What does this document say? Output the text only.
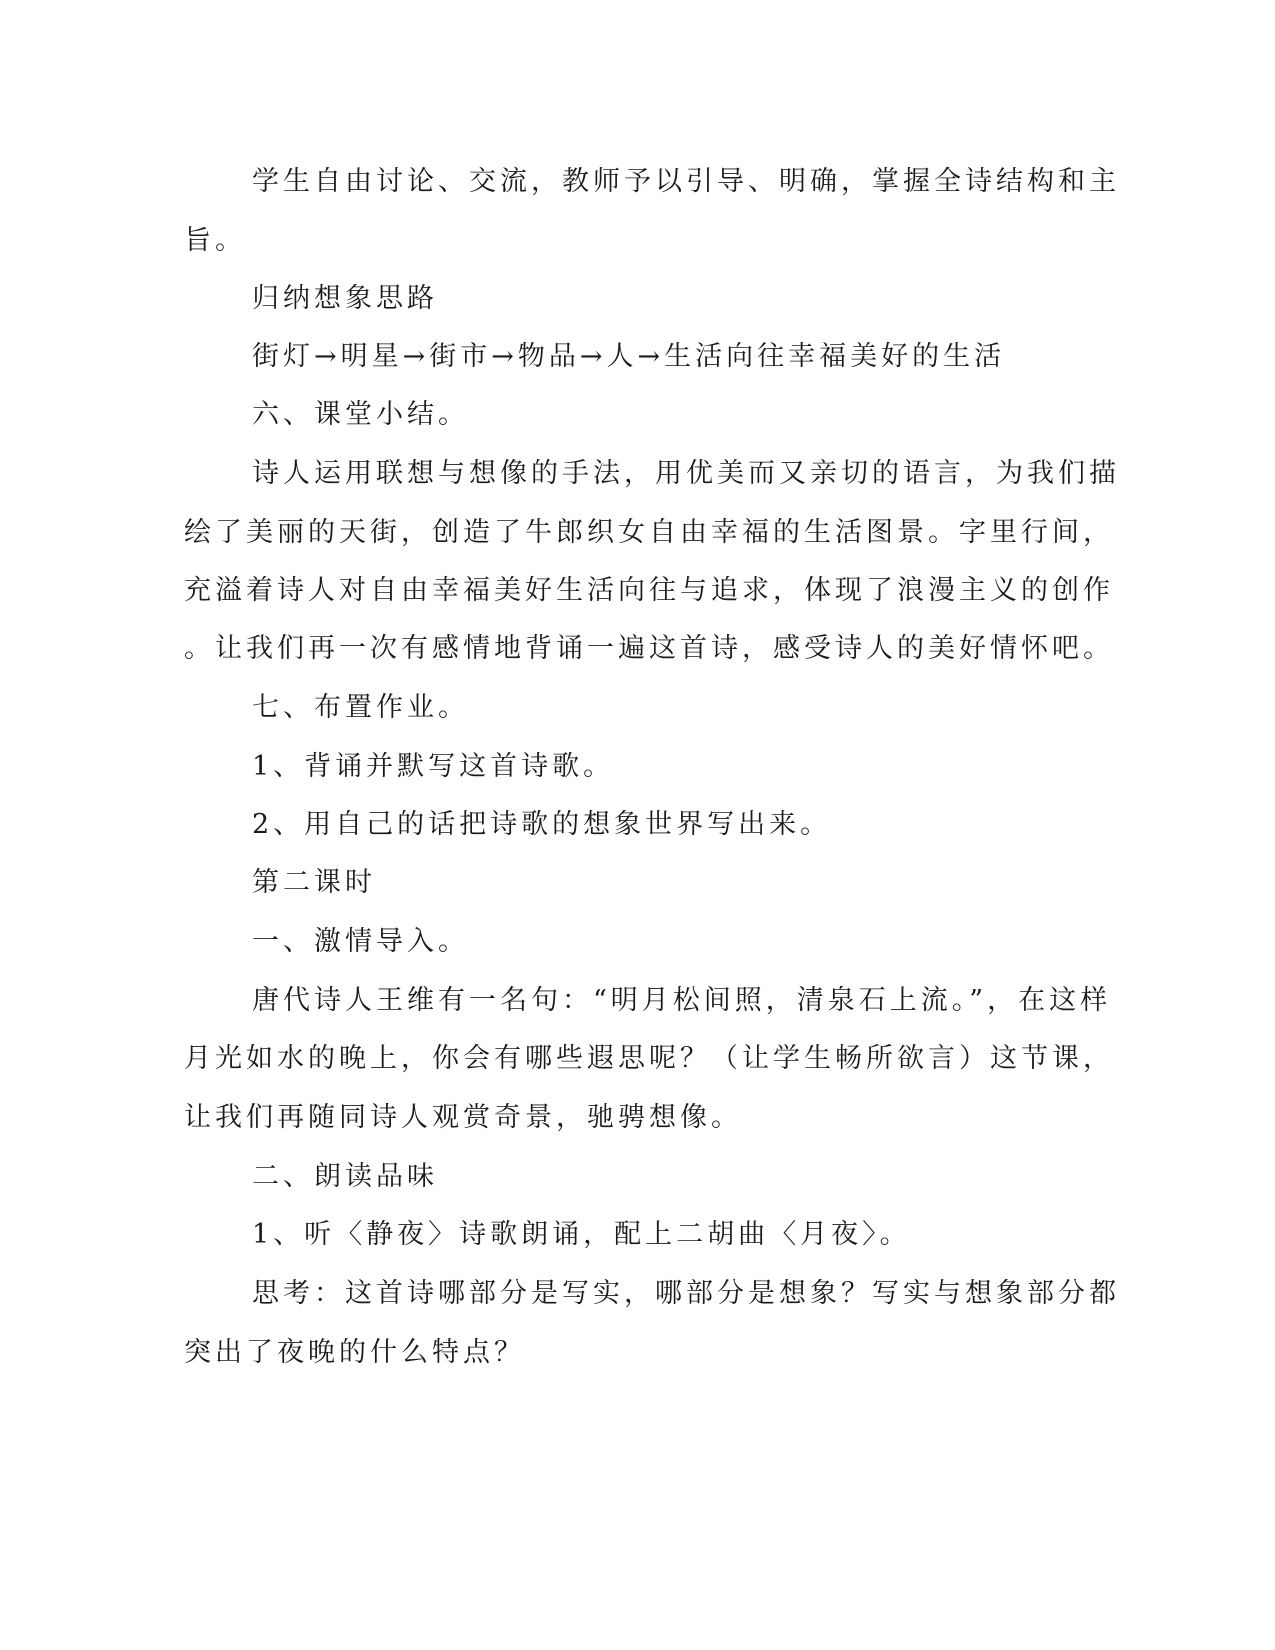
学生自由讨论、交流，教师予以引导、明确，掌握全诗结构和主
旨。
归纳想象思路
街灯→明星→街市→物品→人→生活向往幸福美好的生活
六、课堂小结。
诗人运用联想与想像的手法，用优美而又亲切的语言，为我们描
绘了美丽的天街，创造了牛郎织女自由幸福的生活图景。字里行间，
充溢着诗人对自由幸福美好生活向往与追求，体现了浪漫主义的创作
。让我们再一次有感情地背诵一遍这首诗，感受诗人的美好情怀吧。
七、布置作业。
1、背诵并默写这首诗歌。
2、用自己的话把诗歌的想象世界写出来。
第二课时
一、激情导入。
唐代诗人王维有一名句：“明月松间照，清泉石上流。”，在这样
月光如水的晚上，你会有哪些遐思呢？（让学生畅所欲言）这节课，
让我们再随同诗人观赏奇景，驰骋想像。
二、朗读品味
1、听〈静夜〉诗歌朗诵，配上二胡曲〈月夜〉。
思考：这首诗哪部分是写实，哪部分是想象？写实与想象部分都
突出了夜晚的什么特点？
